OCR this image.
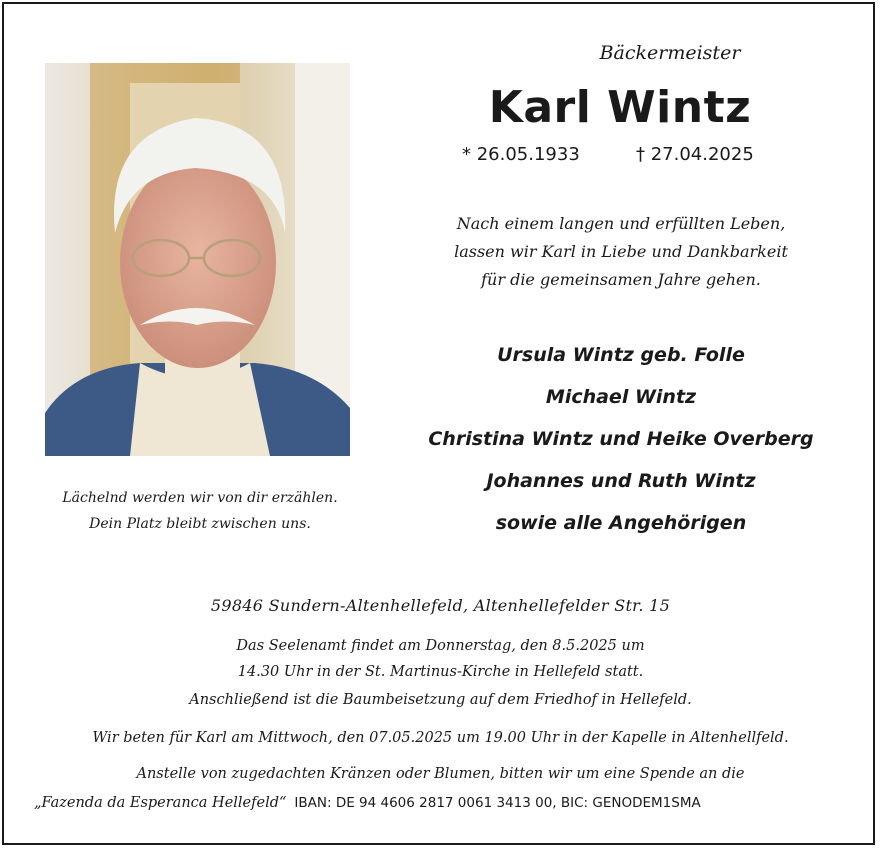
Bäckermeister
Karl Wintz
* 26.05.1933	† 27.04.2025
Nach einem langen und erfüllten Leben,
lassen wir Karl in Liebe und Dankbarkeit
für die gemeinsamen Jahre gehen.
Ursula Wintz geb. Folle
Michael Wintz
Christina Wintz und Heike Overberg
Johannes und Ruth Wintz
sowie alle Angehörigen
Lächelnd werden wir von dir erzählen.
Dein Platz bleibt zwischen uns.
59846 Sundern-Altenhellefeld, Altenhellefelder Str. 15
Das Seelenamt findet am Donnerstag, den 8.5.2025 um
14.30 Uhr in der St. Martinus-Kirche in Hellefeld statt.
Anschließend ist die Baumbeisetzung auf dem Friedhof in Hellefeld.
Wir beten für Karl am Mittwoch, den 07.05.2025 um 19.00 Uhr in der Kapelle in Altenhellfeld.
Anstelle von zugedachten Kränzen oder Blumen, bitten wir um eine Spende an die
„Fazenda da Esperanca Hellefeld“ IBAN: DE 94 4606 2817 0061 3413 00, BIC: GENODEM1SMA
